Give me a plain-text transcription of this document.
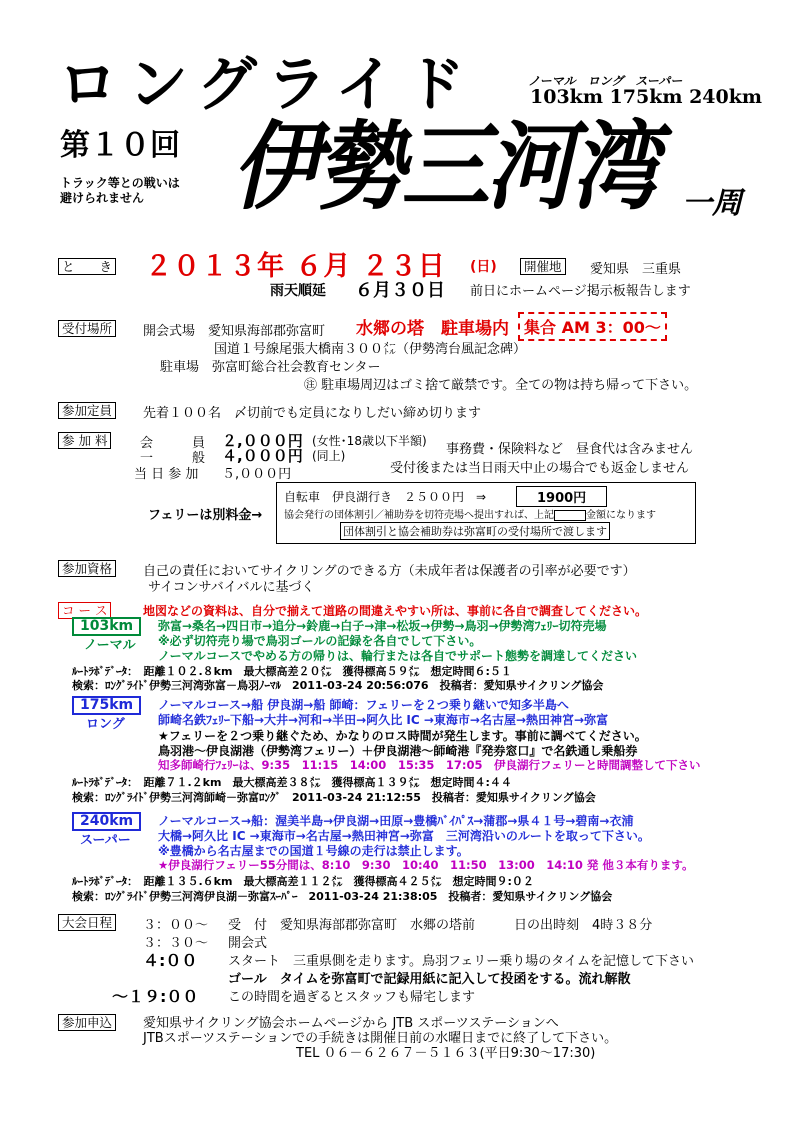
ロングライド	ノーマル　ロング　スーパー
103km 175km 240km
第１０回 伊勢三河湾 一周
トラック等との戦いは
避けられません
と　　き ２０１３年 ６月 ２３日 (日)	開催地	愛知県　三重県
雨天順延 ６月３０日 前日にホームページ掲示板報告します
受付場所	開会式場　愛知県海部郡弥富町 水郷の塔　駐車場内 集合 AM 3：00～
国道１号線尾張大橋南３００㍍（伊勢湾台風記念碑）
駐車場　弥富町総合社会教育センター
㊟ 駐車場周辺はゴミ捨て厳禁です。全ての物は持ち帰って下さい。
参加定員	先着１００名　〆切前でも定員になりしだい締め切ります
参 加 料	会　　　員 ２,０００円 (女性･18歳以下半額)
事務費・保険料など　昼食代は含みません
一　　　般 ４,０００円 (同上)
受付後または当日雨天中止の場合でも返金しません
当 日 参 加 ５,０００円
フェリーは別料金→
自転車　伊良湖行き　２５００円　⇒	1900円
協会発行の団体割引／補助券を切符売場へ提出すれば、上記	金額になります
団体割引と協会補助券は弥富町の受付場所で渡します
参加資格	自己の責任においてサイクリングのできる方（未成年者は保護者の引率が必要です）
サイコンサバイバルに基づく
コ ー ス	地図などの資料は、自分で揃えて道路の間違えやすい所は、事前に各自で調査してください。
103km
ノーマル
弥富→桑名→四日市→追分→鈴鹿→白子→津→松坂→伊勢→鳥羽→伊勢湾ﾌｪﾘｰ切符売場
※必ず切符売り場で鳥羽ゴールの記録を各自でして下さい。
ノーマルコースでやめる方の帰りは、輪行または各自でサポート態勢を調達してください
ﾙｰﾄﾗﾎﾞﾃﾞｰﾀ：　距離１０２.８km　最大標高差２０㍍　獲得標高５９㍍　想定時間６:５１
検索：ﾛﾝｸﾞﾗｲﾄﾞ伊勢三河湾弥富－鳥羽ﾉｰﾏﾙ　2011-03-24 20:56:076　投稿者：愛知県サイクリング協会
175km
ロング
ノーマルコース→船 伊良湖→船 師崎：フェリーを２つ乗り継いで知多半島へ
師崎名鉄ﾌｪﾘｰ下船→大井→河和→半田→阿久比 IC →東海市→名古屋→熱田神宮→弥富
★フェリーを２つ乗り継ぐため、かなりのロス時間が発生します。事前に調べてください。
鳥羽港～伊良湖港（伊勢湾フェリー）＋伊良湖港～師崎港『発券窓口』で名鉄通し乗船券
知多師崎行ﾌｪﾘｰは、9:35　11:15　14:00　15:35　17:05　伊良湖行フェリーと時間調整して下さい
ﾙｰﾄﾗﾎﾞﾃﾞｰﾀ：　距離７１.２km　最大標高差３８㍍　獲得標高１３９㍍　想定時間４:４４
検索：ﾛﾝｸﾞﾗｲﾄﾞ伊勢三河湾師崎－弥富ﾛﾝｸﾞ　2011-03-24 21:12:55　投稿者：愛知県サイクリング協会
240km
スーパー
ノーマルコース→船：渥美半島→伊良湖→田原→豊橋ﾊﾞｲﾊﾟｽ→蒲郡→県４１号→碧南→衣浦
大橋→阿久比 IC →東海市→名古屋→熱田神宮→弥富　三河湾沿いのルートを取って下さい。
※豊橋から名古屋までの国道１号線の走行は禁止します。
★伊良湖行フェリー55分間は、8:10　9:30　10:40　11:50　13:00　14:10 発 他３本有ります。
ﾙｰﾄﾗﾎﾞﾃﾞｰﾀ：　距離１３５.６km　最大標高差１１２㍍　獲得標高４２５㍍　想定時間９:０２
検索：ﾛﾝｸﾞﾗｲﾄﾞ伊勢三河湾伊良湖－弥富ｽｰﾊﾟｰ　2011-03-24 21:38:05　投稿者：愛知県サイクリング協会
大会日程	３：００～ 受　付　愛知県海部郡弥富町　水郷の塔前　　　日の出時刻　4時３８分
３：３０～ 開会式
４:００ スタート　三重県側を走ります。鳥羽フェリー乗り場のタイムを記憶して下さい
ゴール　タイムを弥富町で記録用紙に記入して投函をする。流れ解散
～１９:００ この時間を過ぎるとスタッフも帰宅します
参加申込	愛知県サイクリング協会ホームページから JTB スポーツステーションへ
JTBスポーツステーションでの手続きは開催日前の水曜日までに終了して下さい。
TEL ０６－６２６７－５１６３(平日9:30～17:30)
